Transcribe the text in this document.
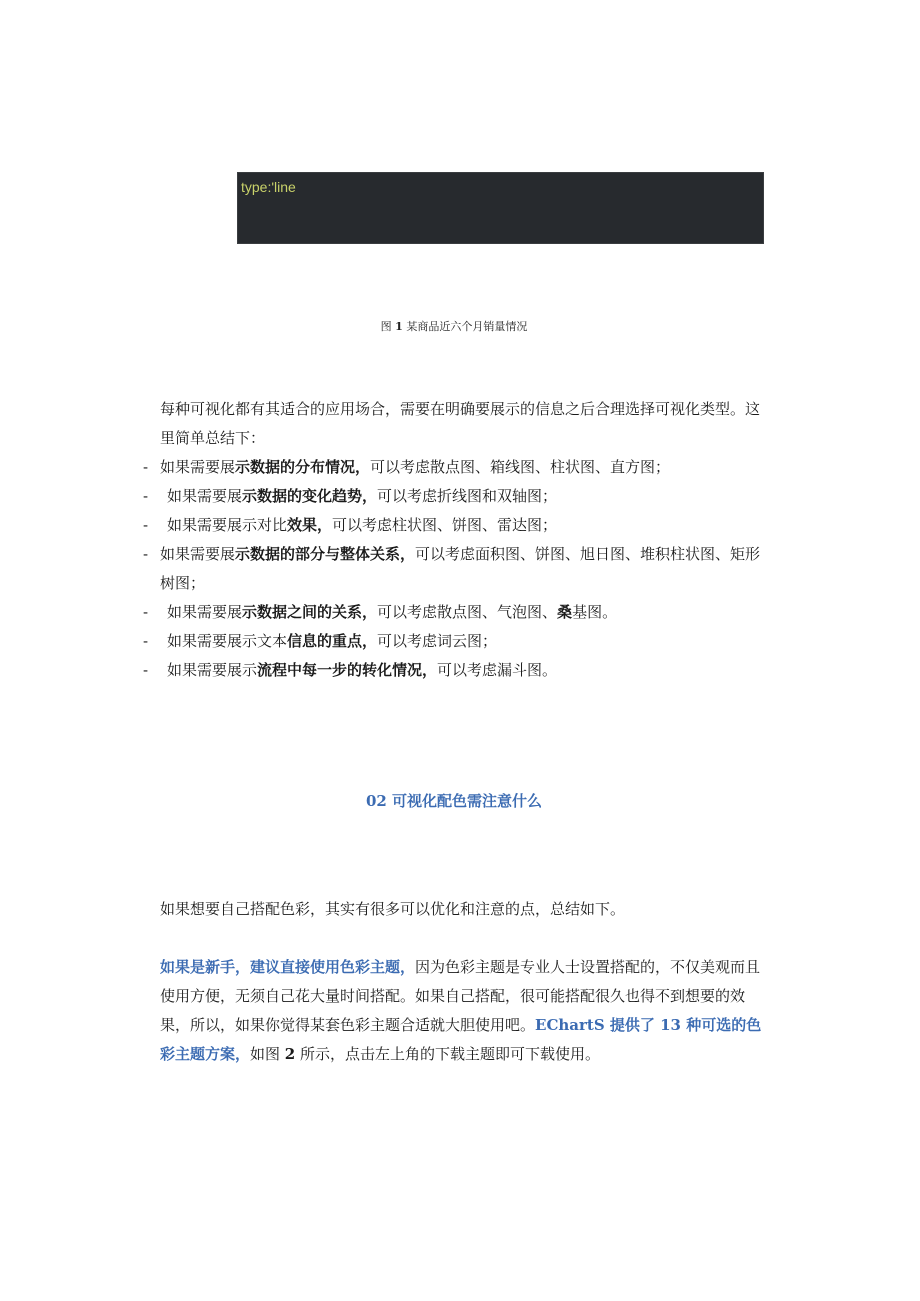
type:'line
图 1 某商品近六个月销量情况
每种可视化都有其适合的应用场合，需要在明确要展示的信息之后合理选择可视化类型。这里简单总结下：
- 如果需要展示数据的分布情况，可以考虑散点图、箱线图、柱状图、直方图；
- 如果需要展示数据的变化趋势，可以考虑折线图和双轴图；
- 如果需要展示对比效果，可以考虑柱状图、饼图、雷达图；
- 如果需要展示数据的部分与整体关系，可以考虑面积图、饼图、旭日图、堆积柱状图、矩形树图；
- 如果需要展示数据之间的关系，可以考虑散点图、气泡图、桑基图。
- 如果需要展示文本信息的重点，可以考虑词云图；
- 如果需要展示流程中每一步的转化情况，可以考虑漏斗图。
02 可视化配色需注意什么
如果想要自己搭配色彩，其实有很多可以优化和注意的点，总结如下。
如果是新手，建议直接使用色彩主题，因为色彩主题是专业人士设置搭配的，不仅美观而且使用方便，无须自己花大量时间搭配。如果自己搭配，很可能搭配很久也得不到想要的效果，所以，如果你觉得某套色彩主题合适就大胆使用吧。EChartS 提供了 13 种可选的色彩主题方案，如图 2 所示，点击左上角的下载主题即可下载使用。
